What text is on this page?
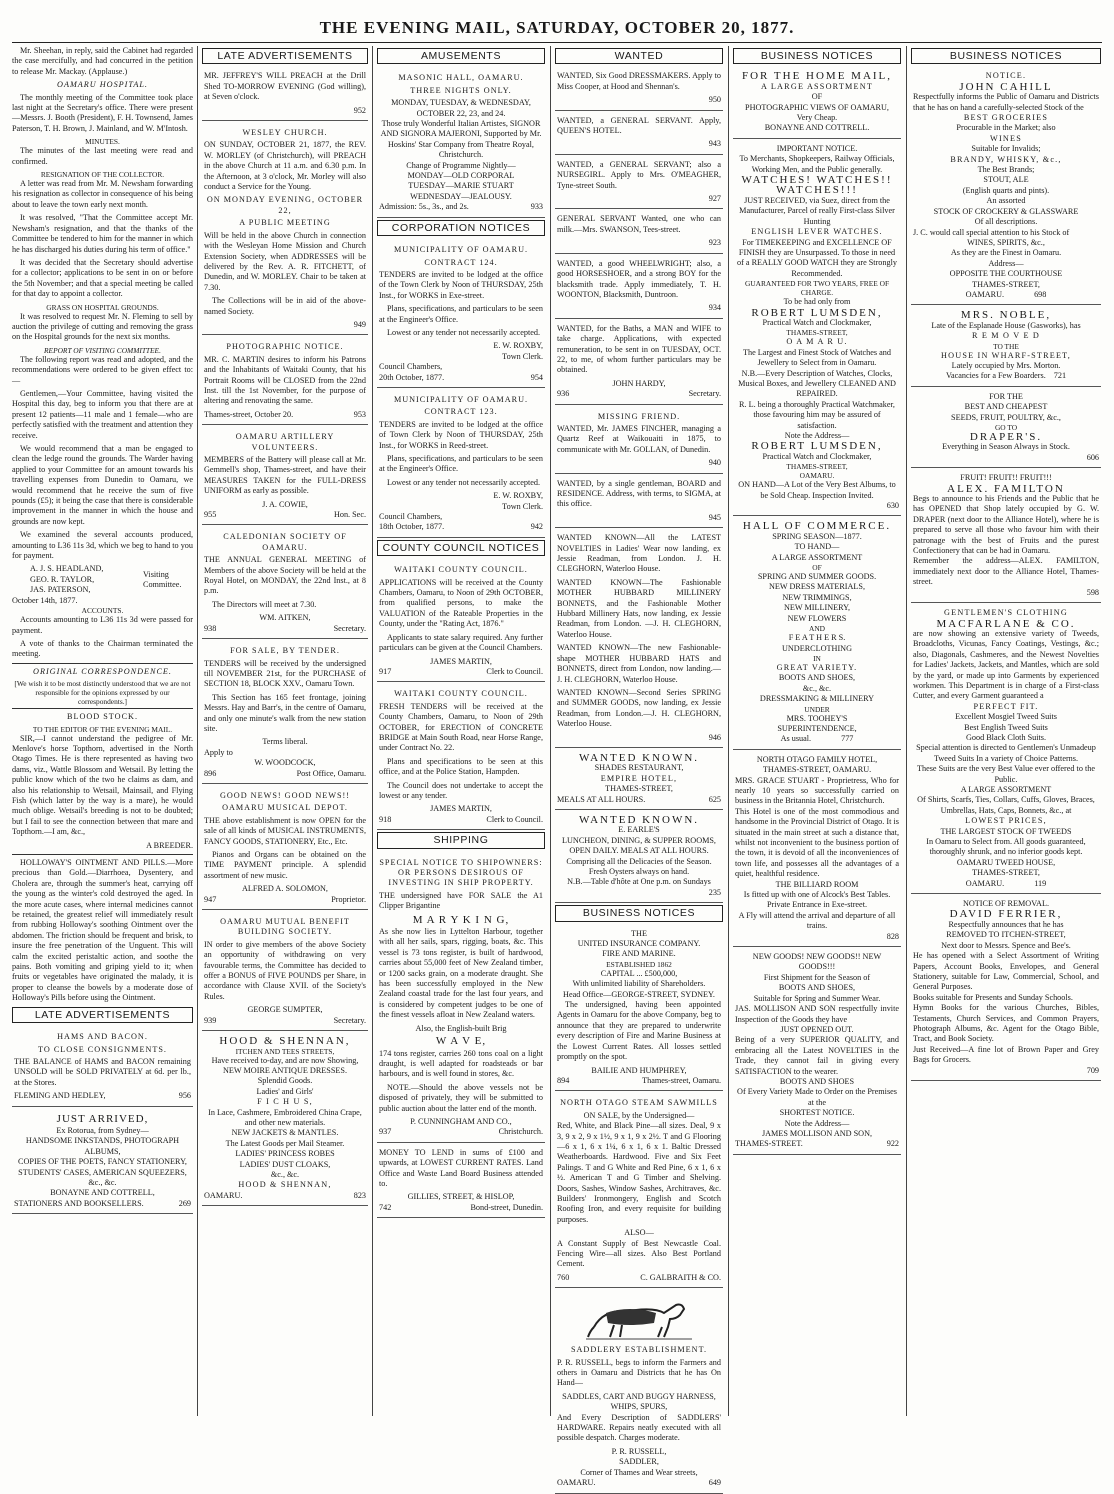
THE EVENING MAIL, SATURDAY, OCTOBER 20, 1877.

Mr. Sheehan, in reply, said the Cabinet had regarded the case mercifully, and had concurred in the petition to release Mr. Mackay. (Applause.)

OAMARU HOSPITAL.

The monthly meeting of the Committee took place last night at the Secretary's office. There were present—Messrs. J. Booth (President), F. H. Townsend, James Paterson, T. H. Brown, J. Mainland, and W. M'Intosh.

MINUTES.

The minutes of the last meeting were read and confirmed.

RESIGNATION OF THE COLLECTOR.

A letter was read from Mr. M. Newsham forwarding his resignation as collector in consequence of his being about to leave the town early next month.

It was resolved, "That the Committee accept Mr. Newsham's resignation, and that the thanks of the Committee be tendered to him for the manner in which he has discharged his duties during his term of office."

It was decided that the Secretary should advertise for a collector; applications to be sent in on or before the 5th November; and that a special meeting be called for that day to appoint a collector.

GRASS ON HOSPITAL GROUNDS.

It was resolved to request Mr. N. Fleming to sell by auction the privilege of cutting and removing the grass on the Hospital grounds for the next six months.

REPORT OF VISITING COMMITTEE.

The following report was read and adopted, and the recommendations were ordered to be given effect to:—

Gentlemen,—Your Committee, having visited the Hospital this day, beg to inform you that there are at present 12 patients—11 male and 1 female—who are perfectly satisfied with the treatment and attention they receive.

We would recommend that a man be engaged to clean the ledge round the grounds. The Warder having applied to your Committee for an amount towards his travelling expenses from Dunedin to Oamaru, we would recommend that he receive the sum of five pounds (£5); it being the case that there is considerable improvement in the manner in which the house and grounds are now kept.

We examined the several accounts produced, amounting to L36 11s 3d, which we beg to hand to you for payment.

A. J. S. HEADLAND,
GEO. R. TAYLOR,
JAS. PATERSON,
Visiting Committee.
October 14th, 1877.
ACCOUNTS.

Accounts amounting to L36 11s 3d were passed for payment.

A vote of thanks to the Chairman terminated the meeting.

ORIGINAL CORRESPONDENCE.
[We wish it to be most distinctly understood that we are not responsible for the opinions expressed by our correspondents.]
BLOOD STOCK.
TO THE EDITOR OF THE EVENING MAIL.

SIR,—I cannot understand the pedigree of Mr. Menlove's horse Topthorn, advertised in the North Otago Times. He is there represented as having two dams, viz., Wattle Blossom and Wetsail. By letting the public know which of the two he claims as dam, and also his relationship to Wetsail, Mainsail, and Flying Fish (which latter by the way is a mare), he would much oblige. Wetsail's breeding is not to be doubted; but I fail to see the connection between that mare and Topthorn.—I am, &c.,

A BREEDER.

HOLLOWAY'S OINTMENT AND PILLS.—More precious than Gold.—Diarrhoea, Dysentery, and Cholera are, through the summer's heat, carrying off the young as the winter's cold destroyed the aged. In the more acute cases, where internal medicines cannot be retained, the greatest relief will immediately result from rubbing Holloway's soothing Ointment over the abdomen. The friction should be frequent and brisk, to insure the free penetration of the Unguent. This will calm the excited peristaltic action, and soothe the pains. Both vomiting and griping yield to it; when fruits or vegetables have originated the malady, it is proper to cleanse the bowels by a moderate dose of Holloway's Pills before using the Ointment.

LATE ADVERTISEMENTS
HAMS AND BACON.
TO CLOSE CONSIGNMENTS.

THE BALANCE of HAMS and BACON remaining UNSOLD will be SOLD PRIVATELY at 6d. per lb., at the Stores.

FLEMING AND HEDLEY,	956
JUST ARRIVED,
Ex Rotorua, from Sydney—
HANDSOME INKSTANDS, PHOTOGRAPH ALBUMS,
COPIES OF THE POETS, FANCY STATIONERY, STUDENTS' CASES, AMERICAN SQUEEZERS, &c., &c.
BONAYNE AND COTTRELL,
STATIONERS AND BOOKSELLERS.	269
LATE ADVERTISEMENTS

MR. JEFFREY'S WILL PREACH at the Drill Shed TO-MORROW EVENING (God willing), at Seven o'clock.

952
WESLEY CHURCH.

ON SUNDAY, OCTOBER 21, 1877, the REV. W. MORLEY (of Christchurch), will PREACH in the above Church at 11 a.m. and 6.30 p.m. In the Afternoon, at 3 o'clock, Mr. Morley will also conduct a Service for the Young.

ON MONDAY EVENING, OCTOBER 22,
A PUBLIC MEETING

Will be held in the above Church in connection with the Wesleyan Home Mission and Church Extension Society, when ADDRESSES will be delivered by the Rev. A. R. FITCHETT, of Dunedin, and W. MORLEY. Chair to be taken at 7.30.

The Collections will be in aid of the above-named Society.

949
PHOTOGRAPHIC NOTICE.

MR. C. MARTIN desires to inform his Patrons and the Inhabitants of Waitaki County, that his Portrait Rooms will be CLOSED from the 22nd Inst. till the 1st November, for the purpose of altering and renovating the same.

Thames-street, October 20.	953
OAMARU ARTILLERY VOLUNTEERS.

MEMBERS of the Battery will please call at Mr. Gemmell's shop, Thames-street, and have their MEASURES TAKEN for the FULL-DRESS UNIFORM as early as possible.

J. A. COWIE,
955	Hon. Sec.
CALEDONIAN SOCIETY OF OAMARU.

THE ANNUAL GENERAL MEETING of Members of the above Society will be held at the Royal Hotel, on MONDAY, the 22nd Inst., at 8 p.m.

The Directors will meet at 7.30.

WM. AITKEN,
938	Secretary.
FOR SALE, BY TENDER.

TENDERS will be received by the undersigned till NOVEMBER 21st, for the PURCHASE of SECTION 18, BLOCK XXV., Oamaru Town.

This Section has 165 feet frontage, joining Messrs. Hay and Barr's, in the centre of Oamaru, and only one minute's walk from the new station site.

Terms liberal.
Apply to
W. WOODCOCK,
896	Post Office, Oamaru.
GOOD NEWS! GOOD NEWS!!
OAMARU MUSICAL DEPOT.

THE above establishment is now OPEN for the sale of all kinds of MUSICAL INSTRUMENTS, FANCY GOODS, STATIONERY, Etc., Etc.

Pianos and Organs can be obtained on the TIME PAYMENT principle. A splendid assortment of new music.

ALFRED A. SOLOMON,
947	Proprietor.
OAMARU MUTUAL BENEFIT BUILDING SOCIETY.

IN order to give members of the above Society an opportunity of withdrawing on very favourable terms, the Committee has decided to offer a BONUS of FIVE POUNDS per Share, in accordance with Clause XVII. of the Society's Rules.

GEORGE SUMPTER,
939	Secretary.
HOOD & SHENNAN,
ITCHEN AND TEES STREETS,
Have received to-day, and are now Showing,
NEW MOIRE ANTIQUE DRESSES.
Splendid Goods.
Ladies' and Girls'
F I C H U S,
In Lace, Cashmere, Embroidered China Crape, and other new materials.
NEW JACKETS & MANTLES.
The Latest Goods per Mail Steamer.
LADIES' PRINCESS ROBES
LADIES' DUST CLOAKS,
&c., &c.
HOOD & SHENNAN,
OAMARU.	823
AMUSEMENTS
MASONIC HALL, OAMARU.
THREE NIGHTS ONLY.
MONDAY, TUESDAY, & WEDNESDAY, OCTOBER 22, 23, and 24.
Those truly Wonderful Italian Artistes, SIGNOR AND SIGNORA MAJERONI, Supported by Mr. Hoskins' Star Company from Theatre Royal, Christchurch.
Change of Programme Nightly—
MONDAY—OLD CORPORAL
TUESDAY—MARIE STUART
WEDNESDAY—JEALOUSY.
Admission: 5s., 3s., and 2s.	933
CORPORATION NOTICES
MUNICIPALITY OF OAMARU.
CONTRACT 124.

TENDERS are invited to be lodged at the office of the Town Clerk by Noon of THURSDAY, 25th Inst., for WORKS in Exe-street.

Plans, specifications, and particulars to be seen at the Engineer's Office.

Lowest or any tender not necessarily accepted.

E. W. ROXBY,
Town Clerk.
Council Chambers,
20th October, 1877.	954
MUNICIPALITY OF OAMARU.
CONTRACT 123.

TENDERS are invited to be lodged at the office of Town Clerk by Noon of THURSDAY, 25th Inst., for WORKS in Reed-street.

Plans, specifications, and particulars to be seen at the Engineer's Office.

Lowest or any tender not necessarily accepted.

E. W. ROXBY,
Town Clerk.
Council Chambers,
18th October, 1877.	942
COUNTY COUNCIL NOTICES
WAITAKI COUNTY COUNCIL.

APPLICATIONS will be received at the County Chambers, Oamaru, to Noon of 29th OCTOBER, from qualified persons, to make the VALUATION of the Rateable Properties in the County, under the "Rating Act, 1876."

Applicants to state salary required. Any further particulars can be given at the Council Chambers.

JAMES MARTIN,
917	Clerk to Council.
WAITAKI COUNTY COUNCIL.

FRESH TENDERS will be received at the County Chambers, Oamaru, to Noon of 29th OCTOBER, for ERECTION of CONCRETE BRIDGE at Main South Road, near Horse Range, under Contract No. 22.

Plans and specifications to be seen at this office, and at the Police Station, Hampden.

The Council does not undertake to accept the lowest or any tender.

JAMES MARTIN,
918	Clerk to Council.
SHIPPING
SPECIAL NOTICE TO SHIPOWNERS: OR PERSONS DESIROUS OF INVESTING IN SHIP PROPERTY.

THE undersigned have FOR SALE the A1 Clipper Brigantine

M A R Y K I N G,

As she now lies in Lyttelton Harbour, together with all her sails, spars, rigging, boats, &c. This vessel is 73 tons register, is built of hardwood, carries about 55,000 feet of New Zealand timber, or 1200 sacks grain, on a moderate draught. She has been successfully employed in the New Zealand coastal trade for the last four years, and is considered by competent judges to be one of the finest vessels afloat in New Zealand waters.

Also, the English-built Brig
W A V E,

174 tons register, carries 260 tons coal on a light draught, is well adapted for roadsteads or bar harbours, and is well found in stores, &c.

NOTE.—Should the above vessels not be disposed of privately, they will be submitted to public auction about the latter end of the month.

P. CUNNINGHAM AND CO.,
937	Christchurch.

MONEY TO LEND in sums of £100 and upwards, at LOWEST CURRENT RATES. Land Office and Waste Land Board Business attended to.

GILLIES, STREET, & HISLOP,
742	Bond-street, Dunedin.
WANTED

WANTED, Six Good DRESSMAKERS. Apply to Miss Cooper, at Hood and Shennan's.

950

WANTED, a GENERAL SERVANT. Apply, QUEEN'S HOTEL.

943

WANTED, a GENERAL SERVANT; also a NURSEGIRL. Apply to Mrs. O'MEAGHER, Tyne-street South.

927

GENERAL SERVANT Wanted, one who can milk.—Mrs. SWANSON, Tees-street.

923

WANTED, a good WHEELWRIGHT; also, a good HORSESHOER, and a strong BOY for the blacksmith trade. Apply immediately, T. H. WOONTON, Blacksmith, Duntroon.

934

WANTED, for the Baths, a MAN and WIFE to take charge. Applications, with expected remuneration, to be sent in on TUESDAY, OCT. 22, to me, of whom further particulars may be obtained.

JOHN HARDY,
936	Secretary.
MISSING FRIEND.

WANTED, Mr. JAMES FINCHER, managing a Quartz Reef at Waikouaiti in 1875, to communicate with Mr. GOLLAN, of Dunedin.

940

WANTED, by a single gentleman, BOARD and RESIDENCE. Address, with terms, to SIGMA, at this office.

945

WANTED KNOWN—All the LATEST NOVELTIES in Ladies' Wear now landing, ex Jessie Readman, from London. J. H. CLEGHORN, Waterloo House.

WANTED KNOWN—The Fashionable MOTHER HUBBARD MILLINERY BONNETS, and the Fashionable Mother Hubbard Millinery Hats, now landing, ex Jessie Readman, from London. —J. H. CLEGHORN, Waterloo House.

WANTED KNOWN—The new Fashionable-shape MOTHER HUBBARD HATS and BONNETS, direct from London, now landing.—J. H. CLEGHORN, Waterloo House.

WANTED KNOWN—Second Series SPRING and SUMMER GOODS, now landing, ex Jessie Readman, from London.—J. H. CLEGHORN, Waterloo House.

946
WANTED KNOWN.
SHADES RESTAURANT,
EMPIRE HOTEL,
THAMES-STREET,
MEALS AT ALL HOURS.	625
WANTED KNOWN.
E. EARLE'S
LUNCHEON, DINING, & SUPPER ROOMS,
OPEN DAILY. MEALS AT ALL HOURS.
Comprising all the Delicacies of the Season. Fresh Oysters always on hand.
N.B.—Table d'hôte at One p.m. on Sundays
235
BUSINESS NOTICES
THE
UNITED INSURANCE COMPANY.
FIRE AND MARINE.
ESTABLISHED 1862
CAPITAL ... £500,000,
With unlimited liability of Shareholders.
Head Office—GEORGE-STREET, SYDNEY.

The undersigned, having been appointed Agents in Oamaru for the above Company, beg to announce that they are prepared to underwrite every description of Fire and Marine Business at the Lowest Current Rates. All losses settled promptly on the spot.

BAILIE AND HUMPHREY,
894	Thames-street, Oamaru.
NORTH OTAGO STEAM SAWMILLS
ON SALE, by the Undersigned—

Red, White, and Black Pine—all sizes. Deal, 9 x 3, 9 x 2, 9 x 1½, 9 x 1, 9 x 2½. T and G Flooring—6 x 1, 6 x 1¼, 6 x 1, 6 x 1. Baltic Dressed Weatherboards. Hardwood. Five and Six Feet Palings. T and G White and Red Pine, 6 x 1, 6 x ½. American T and G Timber and Shelving. Doors, Sashes, Window Sashes, Architraves, &c. Builders' Ironmongery, English and Scotch Roofing Iron, and every requisite for building purposes.

ALSO—

A Constant Supply of Best Newcastle Coal. Fencing Wire—all sizes. Also Best Portland Cement.

760	C. GALBRAITH & CO.
SADDLERY ESTABLISHMENT.

P. R. RUSSELL, begs to inform the Farmers and others in Oamaru and Districts that he has On Hand—

SADDLES, CART AND BUGGY HARNESS, WHIPS, SPURS,

And Every Description of SADDLERS' HARDWARE. Repairs neatly executed with all possible despatch. Charges moderate.

P. R. RUSSELL,
SADDLER,
Corner of Thames and Wear streets,
OAMARU.	649
BUSINESS NOTICES
FOR THE HOME MAIL,
A LARGE ASSORTMENT
OF
PHOTOGRAPHIC VIEWS OF OAMARU,
Very Cheap.
BONAYNE AND COTTRELL.
IMPORTANT NOTICE.
To Merchants, Shopkeepers, Railway Officials, Working Men, and the Public generally.
WATCHES! WATCHES!! WATCHES!!!
JUST RECEIVED, via Suez, direct from the Manufacturer, Parcel of really First-class Silver Hunting
ENGLISH LEVER WATCHES.
For TIMEKEEPING and EXCELLENCE OF FINISH they are Unsurpassed. To those in need of a REALLY GOOD WATCH they are Strongly Recommended.
GUARANTEED FOR TWO YEARS, FREE OF CHARGE.
To be had only from
ROBERT LUMSDEN,
Practical Watch and Clockmaker,
THAMES-STREET,
O A M A R U.
The Largest and Finest Stock of Watches and Jewellery to Select from in Oamaru.
N.B.—Every Description of Watches, Clocks, Musical Boxes, and Jewellery CLEANED AND REPAIRED.
R. L. being a thoroughly Practical Watchmaker, those favouring him may be assured of satisfaction.
Note the Address—
ROBERT LUMSDEN,
Practical Watch and Clockmaker,
THAMES-STREET,
OAMARU.
ON HAND—A Lot of the Very Best Albums, to be Sold Cheap. Inspection Invited.
630
HALL OF COMMERCE.
SPRING SEASON—1877.
TO HAND—
A LARGE ASSORTMENT
OF
SPRING AND SUMMER GOODS.
NEW DRESS MATERIALS,
NEW TRIMMINGS,
NEW MILLINERY,
NEW FLOWERS
AND
F E A T H E R S.
UNDERCLOTHING
IN
GREAT VARIETY.
BOOTS AND SHOES,
&c., &c.
DRESSMAKING & MILLINERY
UNDER
MRS. TOOHEY'S
SUPERINTENDENCE,
As usual.	777
NORTH OTAGO FAMILY HOTEL,
THAMES-STREET, OAMARU.
MRS. GRACE STUART - Proprietress, Who for nearly 10 years so successfully carried on business in the Britannia Hotel, Christchurch.
This Hotel is one of the most commodious and handsome in the Provincial District of Otago. It is situated in the main street at such a distance that, whilst not inconvenient to the business portion of the town, it is devoid of all the inconveniences of town life, and possesses all the advantages of a quiet, healthful residence.
THE BILLIARD ROOM
Is fitted up with one of Alcock's Best Tables.
Private Entrance in Exe-street.
A Fly will attend the arrival and departure of all trains.
828
NEW GOODS! NEW GOODS!! NEW GOODS!!!
First Shipment for the Season of
BOOTS AND SHOES,
Suitable for Spring and Summer Wear.
JAS. MOLLISON AND SON respectfully invite Inspection of the Goods they have
JUST OPENED OUT.
Being of a very SUPERIOR QUALITY, and embracing all the Latest NOVELTIES in the Trade, they cannot fail in giving every SATISFACTION to the wearer.
BOOTS AND SHOES
Of Every Variety Made to Order on the Premises at the
SHORTEST NOTICE.
Note the Address—
JAMES MOLLISON AND SON,
THAMES-STREET.	922
BUSINESS NOTICES
NOTICE.
JOHN CAHILL
Respectfully informs the Public of Oamaru and Districts that he has on hand a carefully-selected Stock of the
BEST GROCERIES
Procurable in the Market; also
WINES
Suitable for Invalids;
BRANDY, WHISKY, &c.,
The Best Brands;
STOUT, ALE
(English quarts and pints).
An assorted
STOCK OF CROCKERY & GLASSWARE
Of all descriptions.
J. C. would call special attention to his Stock of
WINES, SPIRITS, &c.,
As they are the Finest in Oamaru.
Address—
OPPOSITE THE COURTHOUSE
THAMES-STREET,
OAMARU.	698
MRS. NOBLE,
Late of the Esplanade House (Gasworks), has
R E M O V E D
TO THE
HOUSE IN WHARF-STREET,
Lately occupied by Mrs. Morton.
Vacancies for a Few Boarders. 721
FOR THE
BEST AND CHEAPEST
SEEDS, FRUIT, POULTRY, &c.,
GO TO
DRAPER'S.
Everything in Season Always in Stock.
606
FRUIT! FRUIT!! FRUIT!!!
ALEX. FAMILTON
Begs to announce to his Friends and the Public that he has OPENED that Shop lately occupied by G. W. DRAPER (next door to the Alliance Hotel), where he is prepared to serve all those who favour him with their patronage with the best of Fruits and the purest Confectionery that can be had in Oamaru.
Remember the address—ALEX. FAMILTON, immediately next door to the Alliance Hotel, Thames-street.
598
GENTLEMEN'S CLOTHING
MACFARLANE & CO.
are now showing an extensive variety of Tweeds, Broadcloths, Vicunas, Fancy Coatings, Vestings, &c.; also, Diagonals, Cashmeres, and the Newest Novelties for Ladies' Jackets, Jackets, and Mantles, which are sold by the yard, or made up into Garments by experienced workmen. This Department is in charge of a First-class Cutter, and every Garment guaranteed a
PERFECT FIT.
Excellent Mosgiel Tweed Suits
Best English Tweed Suits
Good Black Cloth Suits.
Special attention is directed to Gentlemen's Unmadeup Tweed Suits In a variety of Choice Patterns.
These Suits are the very Best Value ever offered to the Public.
A LARGE ASSORTMENT
Of Shirts, Scarfs, Ties, Collars, Cuffs, Gloves, Braces, Umbrellas, Hats, Caps, Bonnets, &c., at
LOWEST PRICES,
THE LARGEST STOCK OF TWEEDS
In Oamaru to Select from. All goods guaranteed, thoroughly shrunk, and no inferior goods kept.
OAMARU TWEED HOUSE,
THAMES-STREET,
OAMARU.	119
NOTICE OF REMOVAL.
DAVID FERRIER,
Respectfully announces that he has
REMOVED TO ITCHEN-STREET,
Next door to Messrs. Spence and Bee's.
He has opened with a Select Assortment of Writing Papers, Account Books, Envelopes, and General Stationery, suitable for Law, Commercial, School, and General Purposes.
Books suitable for Presents and Sunday Schools.
Hymn Books for the various Churches, Bibles, Testaments, Church Services, and Common Prayers, Photograph Albums, &c. Agent for the Otago Bible, Tract, and Book Society.
Just Received—A fine lot of Brown Paper and Grey Bags for Grocers.
709
